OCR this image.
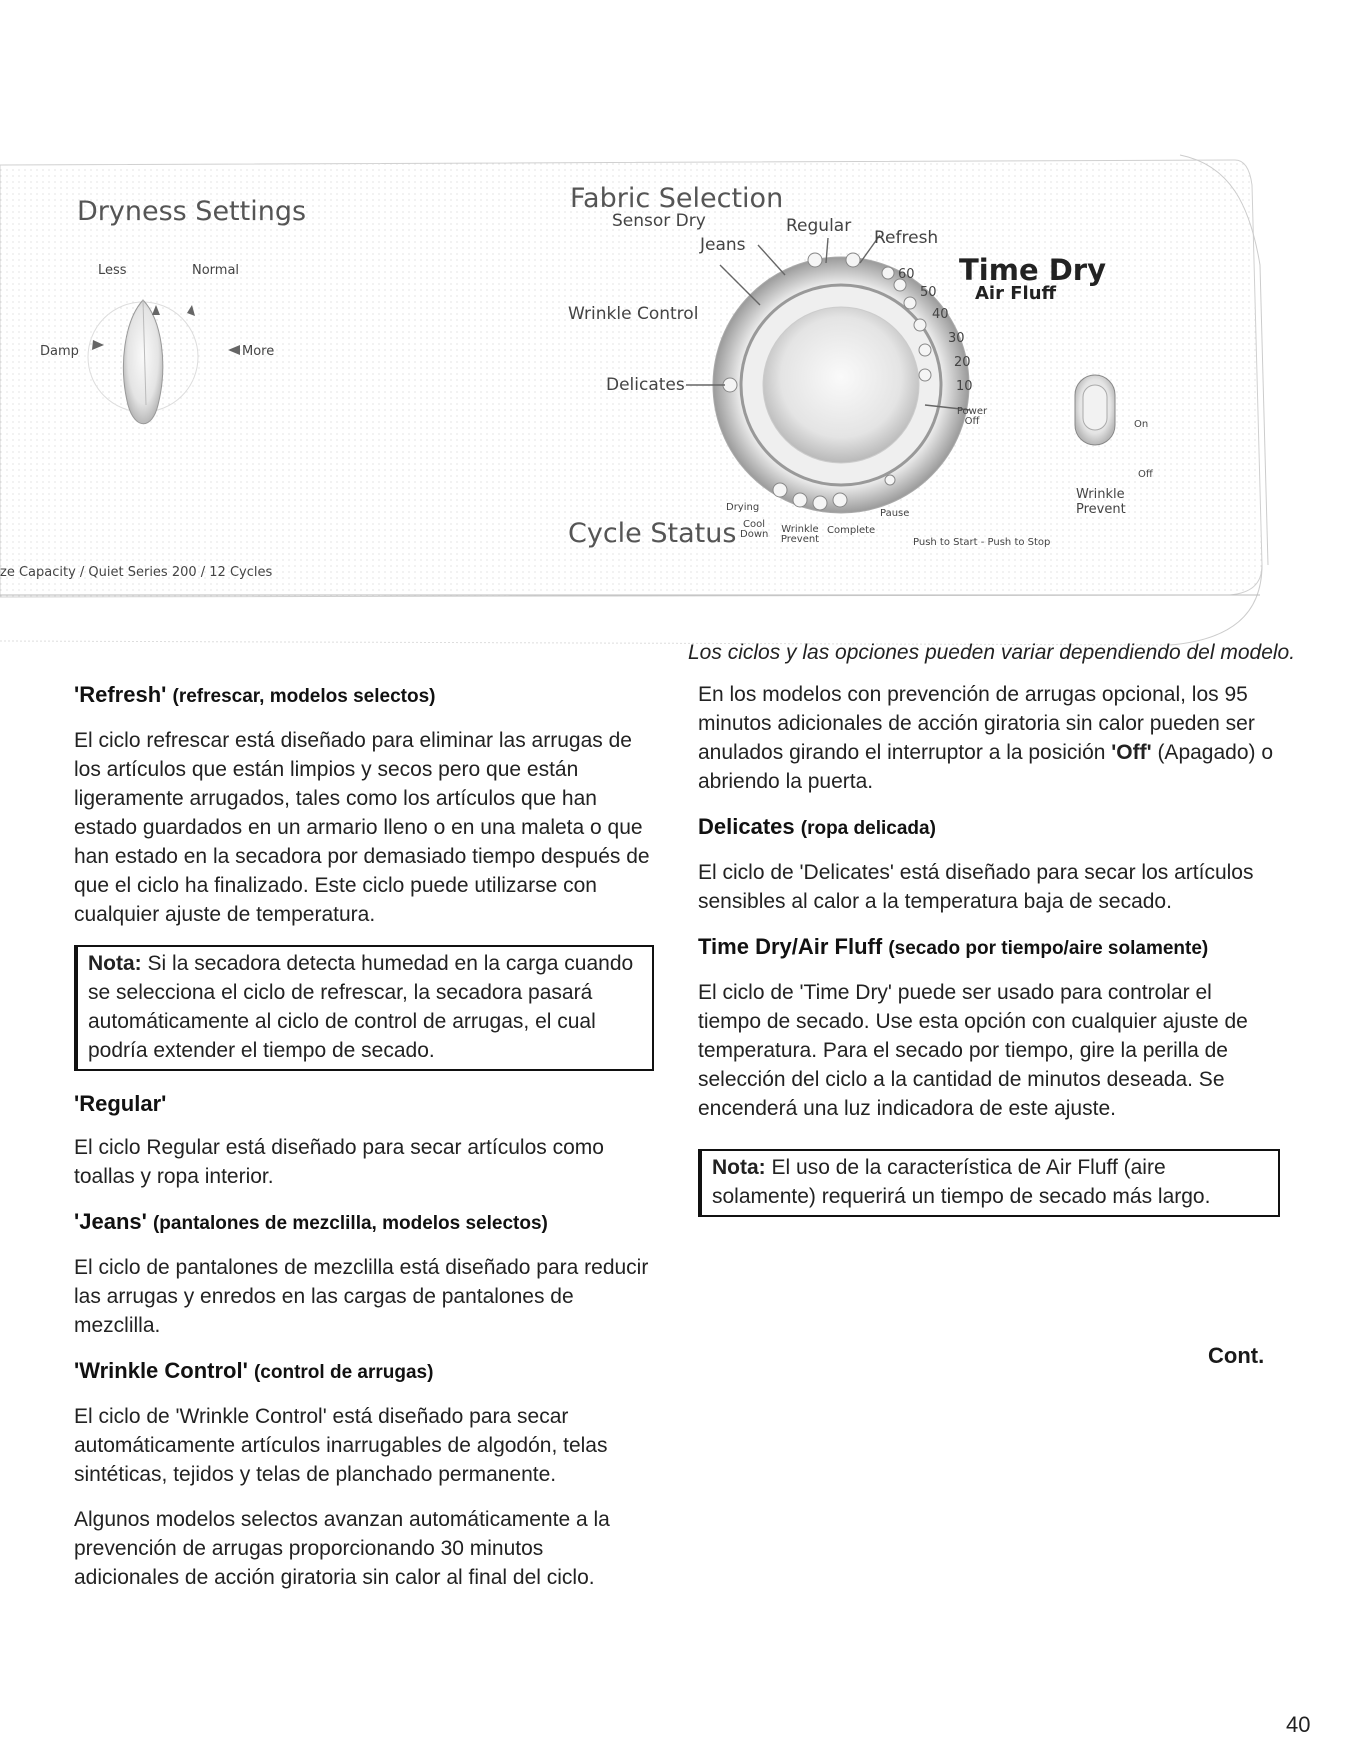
Dryness Settings
Less	Normal
Damp	More
Fabric Selection
Sensor Dry	Regular
Refresh
Jeans
Time Dry
Air Fluff
Wrinkle Control
Delicates
60
50
40
30
20
10
Power Off	On
Off
Wrinkle Prevent
Cycle Status
Drying
Cool Down Wrinkle Prevent
Complete
Pause
Push to Start - Push to Stop
ze Capacity / Quiet Series 200 / 12 Cycles
Los ciclos y las opciones pueden variar dependiendo del modelo.
'Refresh' (refrescar, modelos selectos)

El ciclo refrescar está diseñado para eliminar las arrugas de los artículos que están limpios y secos pero que están ligeramente arrugados, tales como los artículos que han estado guardados en un armario lleno o en una maleta o que han estado en la secadora por demasiado tiempo después de que el ciclo ha finalizado. Este ciclo puede utilizarse con cualquier ajuste de temperatura.

Nota: Si la secadora detecta humedad en la carga cuando se selecciona el ciclo de refrescar, la secadora pasará automáticamente al ciclo de control de arrugas, el cual podría extender el tiempo de secado.
'Regular'

El ciclo Regular está diseñado para secar artículos como toallas y ropa interior.

'Jeans' (pantalones de mezclilla, modelos selectos)

El ciclo de pantalones de mezclilla está diseñado para reducir las arrugas y enredos en las cargas de pantalones de mezclilla.

'Wrinkle Control' (control de arrugas)

El ciclo de 'Wrinkle Control' está diseñado para secar automáticamente artículos inarrugables de algodón, telas sintéticas, tejidos y telas de planchado permanente.

Algunos modelos selectos avanzan automáticamente a la prevención de arrugas proporcionando 30 minutos adicionales de acción giratoria sin calor al final del ciclo.

En los modelos con prevención de arrugas opcional, los 95 minutos adicionales de acción giratoria sin calor pueden ser anulados girando el interruptor a la posición 'Off' (Apagado) o abriendo la puerta.

Delicates (ropa delicada)

El ciclo de 'Delicates' está diseñado para secar los artículos sensibles al calor a la temperatura baja de secado.

Time Dry/Air Fluff (secado por tiempo/aire solamente)

El ciclo de 'Time Dry' puede ser usado para controlar el tiempo de secado. Use esta opción con cualquier ajuste de temperatura. Para el secado por tiempo, gire la perilla de selección del ciclo a la cantidad de minutos deseada. Se encenderá una luz indicadora de este ajuste.

Nota: El uso de la característica de Air Fluff (aire solamente) requerirá un tiempo de secado más largo.
Cont.
40
